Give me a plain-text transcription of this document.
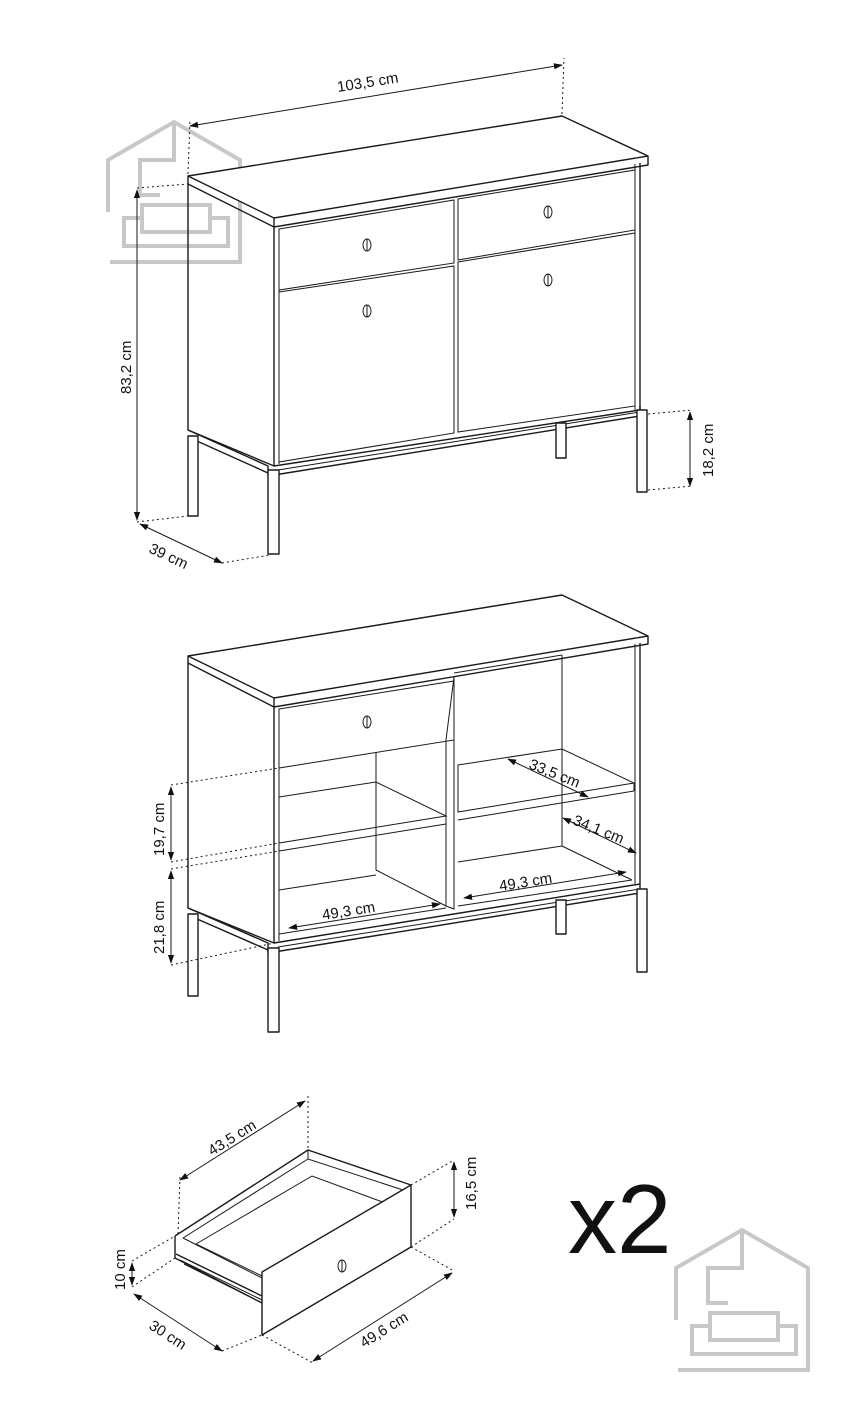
103,5 cm
83,2 cm
18,2 cm
39 cm
19,7 cm
21,8 cm	49,3 cm
49,3 cm
33,5 cm
34,1 cm
43,5 cm
16,5 cm
10 cm
30 cm	49,6 cm
x2
